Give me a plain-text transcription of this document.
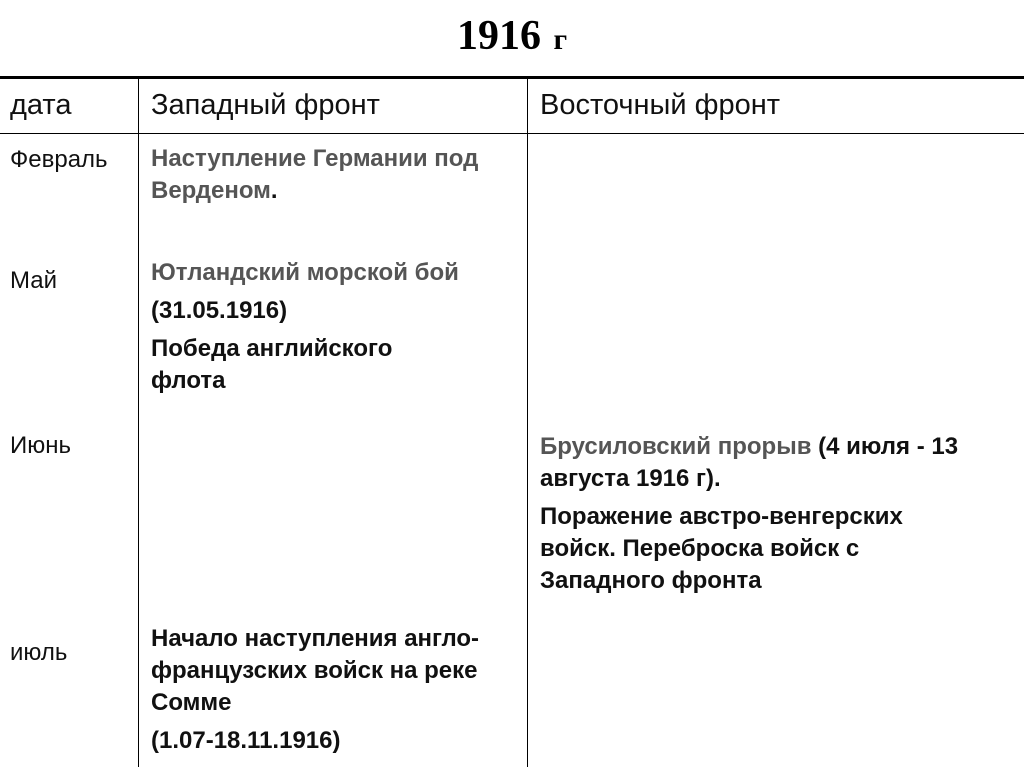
1916 г
дата	Западный фронт	Восточный фронт
Февраль
Май
Июнь
июль
Наступление Германии под Верденом.
Ютландский морской бой
(31.05.1916)
Победа английского флота
Начало наступления англо-французских войск на реке Сомме
(1.07-18.11.1916)
Брусиловский прорыв (4 июля - 13 августа 1916 г).
Поражение австро-венгерских войск. Переброска войск с Западного фронта
